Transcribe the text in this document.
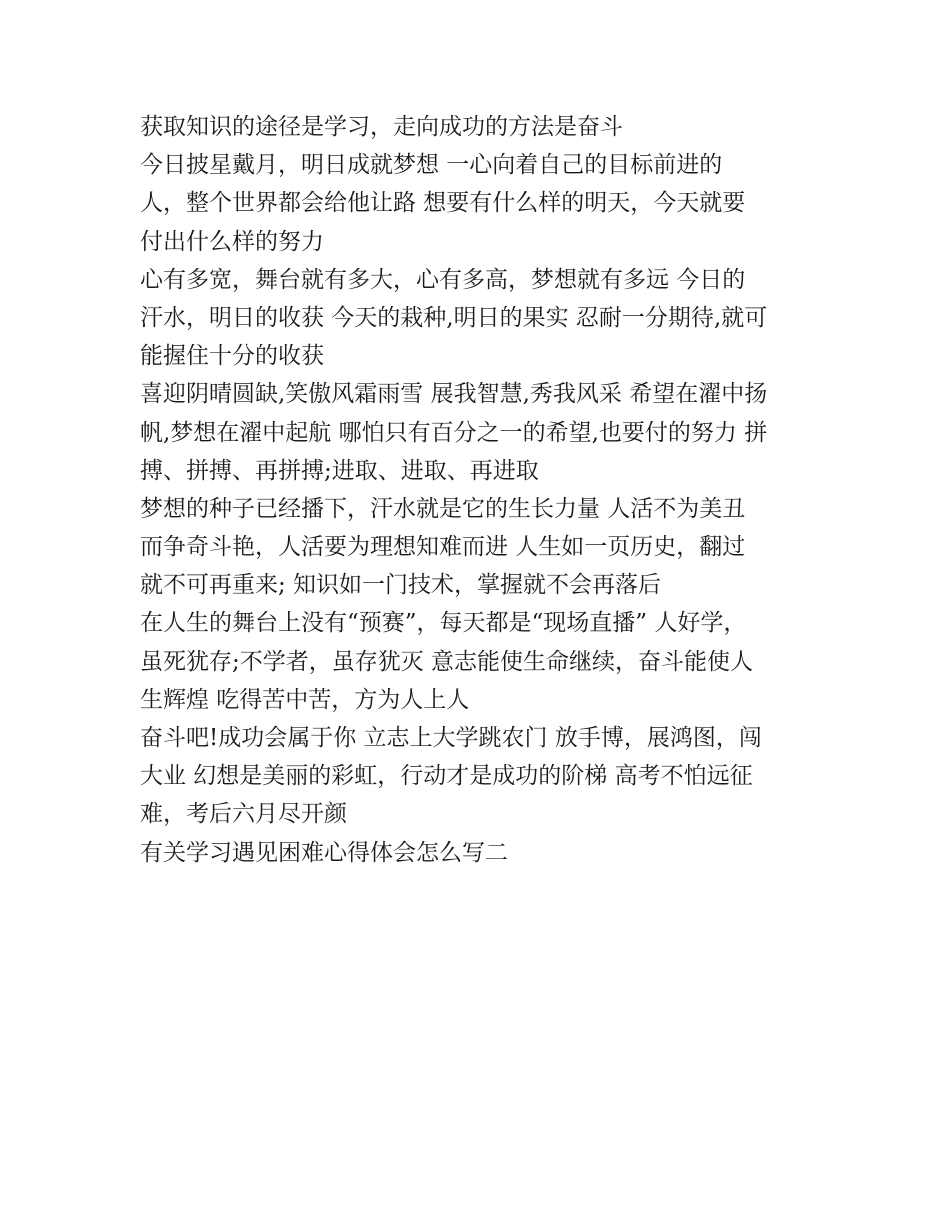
获取知识的途径是学习，走向成功的方法是奋斗
今日披星戴月，明日成就梦想 一心向着自己的目标前进的
人，整个世界都会给他让路 想要有什么样的明天，今天就要
付出什么样的努力
心有多宽，舞台就有多大，心有多高，梦想就有多远 今日的
汗水，明日的收获 今天的栽种,明日的果实 忍耐一分期待,就可
能握住十分的收获
喜迎阴晴圆缺,笑傲风霜雨雪 展我智慧,秀我风采 希望在濯中扬
帆,梦想在濯中起航 哪怕只有百分之一的希望,也要付的努力 拼
搏、拼搏、再拼搏;进取、进取、再进取
梦想的种子已经播下，汗水就是它的生长力量 人活不为美丑
而争奇斗艳，人活要为理想知难而进 人生如一页历史，翻过
就不可再重来; 知识如一门技术，掌握就不会再落后
在人生的舞台上没有“预赛”，每天都是“现场直播” 人好学，
虽死犹存;不学者，虽存犹灭 意志能使生命继续，奋斗能使人
生辉煌 吃得苦中苦，方为人上人
奋斗吧!成功会属于你 立志上大学跳农门 放手博，展鸿图，闯
大业 幻想是美丽的彩虹，行动才是成功的阶梯 高考不怕远征
难，考后六月尽开颜
有关学习遇见困难心得体会怎么写二
